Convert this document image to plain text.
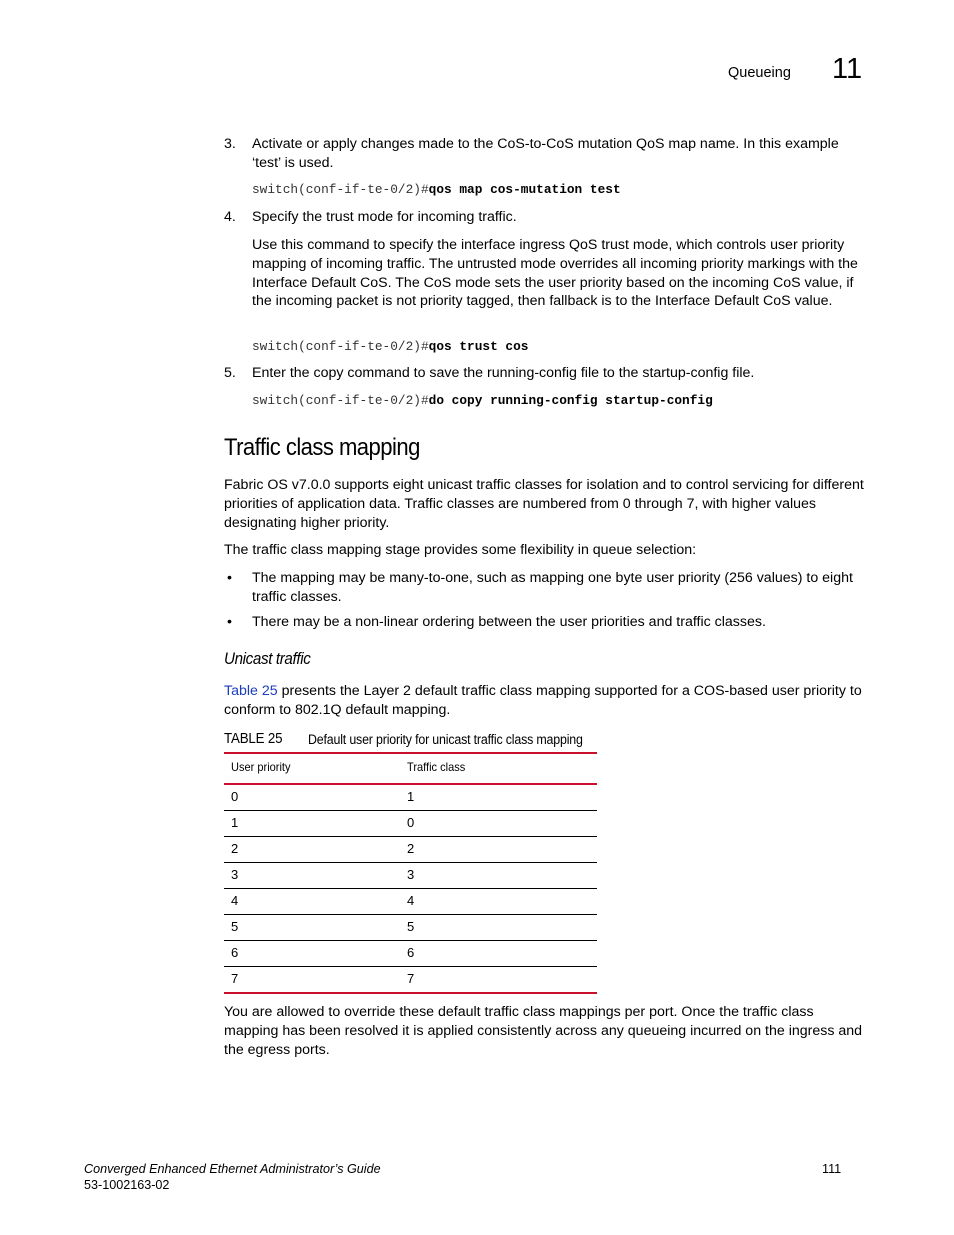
Queueing 11
3. Activate or apply changes made to the CoS-to-CoS mutation QoS map name. In this example ‘test’ is used.
switch(conf-if-te-0/2)#qos map cos-mutation test
4. Specify the trust mode for incoming traffic.
Use this command to specify the interface ingress QoS trust mode, which controls user priority mapping of incoming traffic. The untrusted mode overrides all incoming priority markings with the Interface Default CoS. The CoS mode sets the user priority based on the incoming CoS value, if the incoming packet is not priority tagged, then fallback is to the Interface Default CoS value.
switch(conf-if-te-0/2)#qos trust cos
5. Enter the copy command to save the running-config file to the startup-config file.
switch(conf-if-te-0/2)#do copy running-config startup-config
Traffic class mapping
Fabric OS v7.0.0 supports eight unicast traffic classes for isolation and to control servicing for different priorities of application data. Traffic classes are numbered from 0 through 7, with higher values designating higher priority.
The traffic class mapping stage provides some flexibility in queue selection:
• The mapping may be many-to-one, such as mapping one byte user priority (256 values) to eight traffic classes.
• There may be a non-linear ordering between the user priorities and traffic classes.
Unicast traffic
Table 25 presents the Layer 2 default traffic class mapping supported for a COS-based user priority to conform to 802.1Q default mapping.
TABLE 25 Default user priority for unicast traffic class mapping
User priority	Traffic class
0	1
1	0
2	2
3	3
4	4
5	5
6	6
7	7
You are allowed to override these default traffic class mappings per port. Once the traffic class mapping has been resolved it is applied consistently across any queueing incurred on the ingress and the egress ports.
Converged Enhanced Ethernet Administrator’s Guide
53-1002163-02
111
